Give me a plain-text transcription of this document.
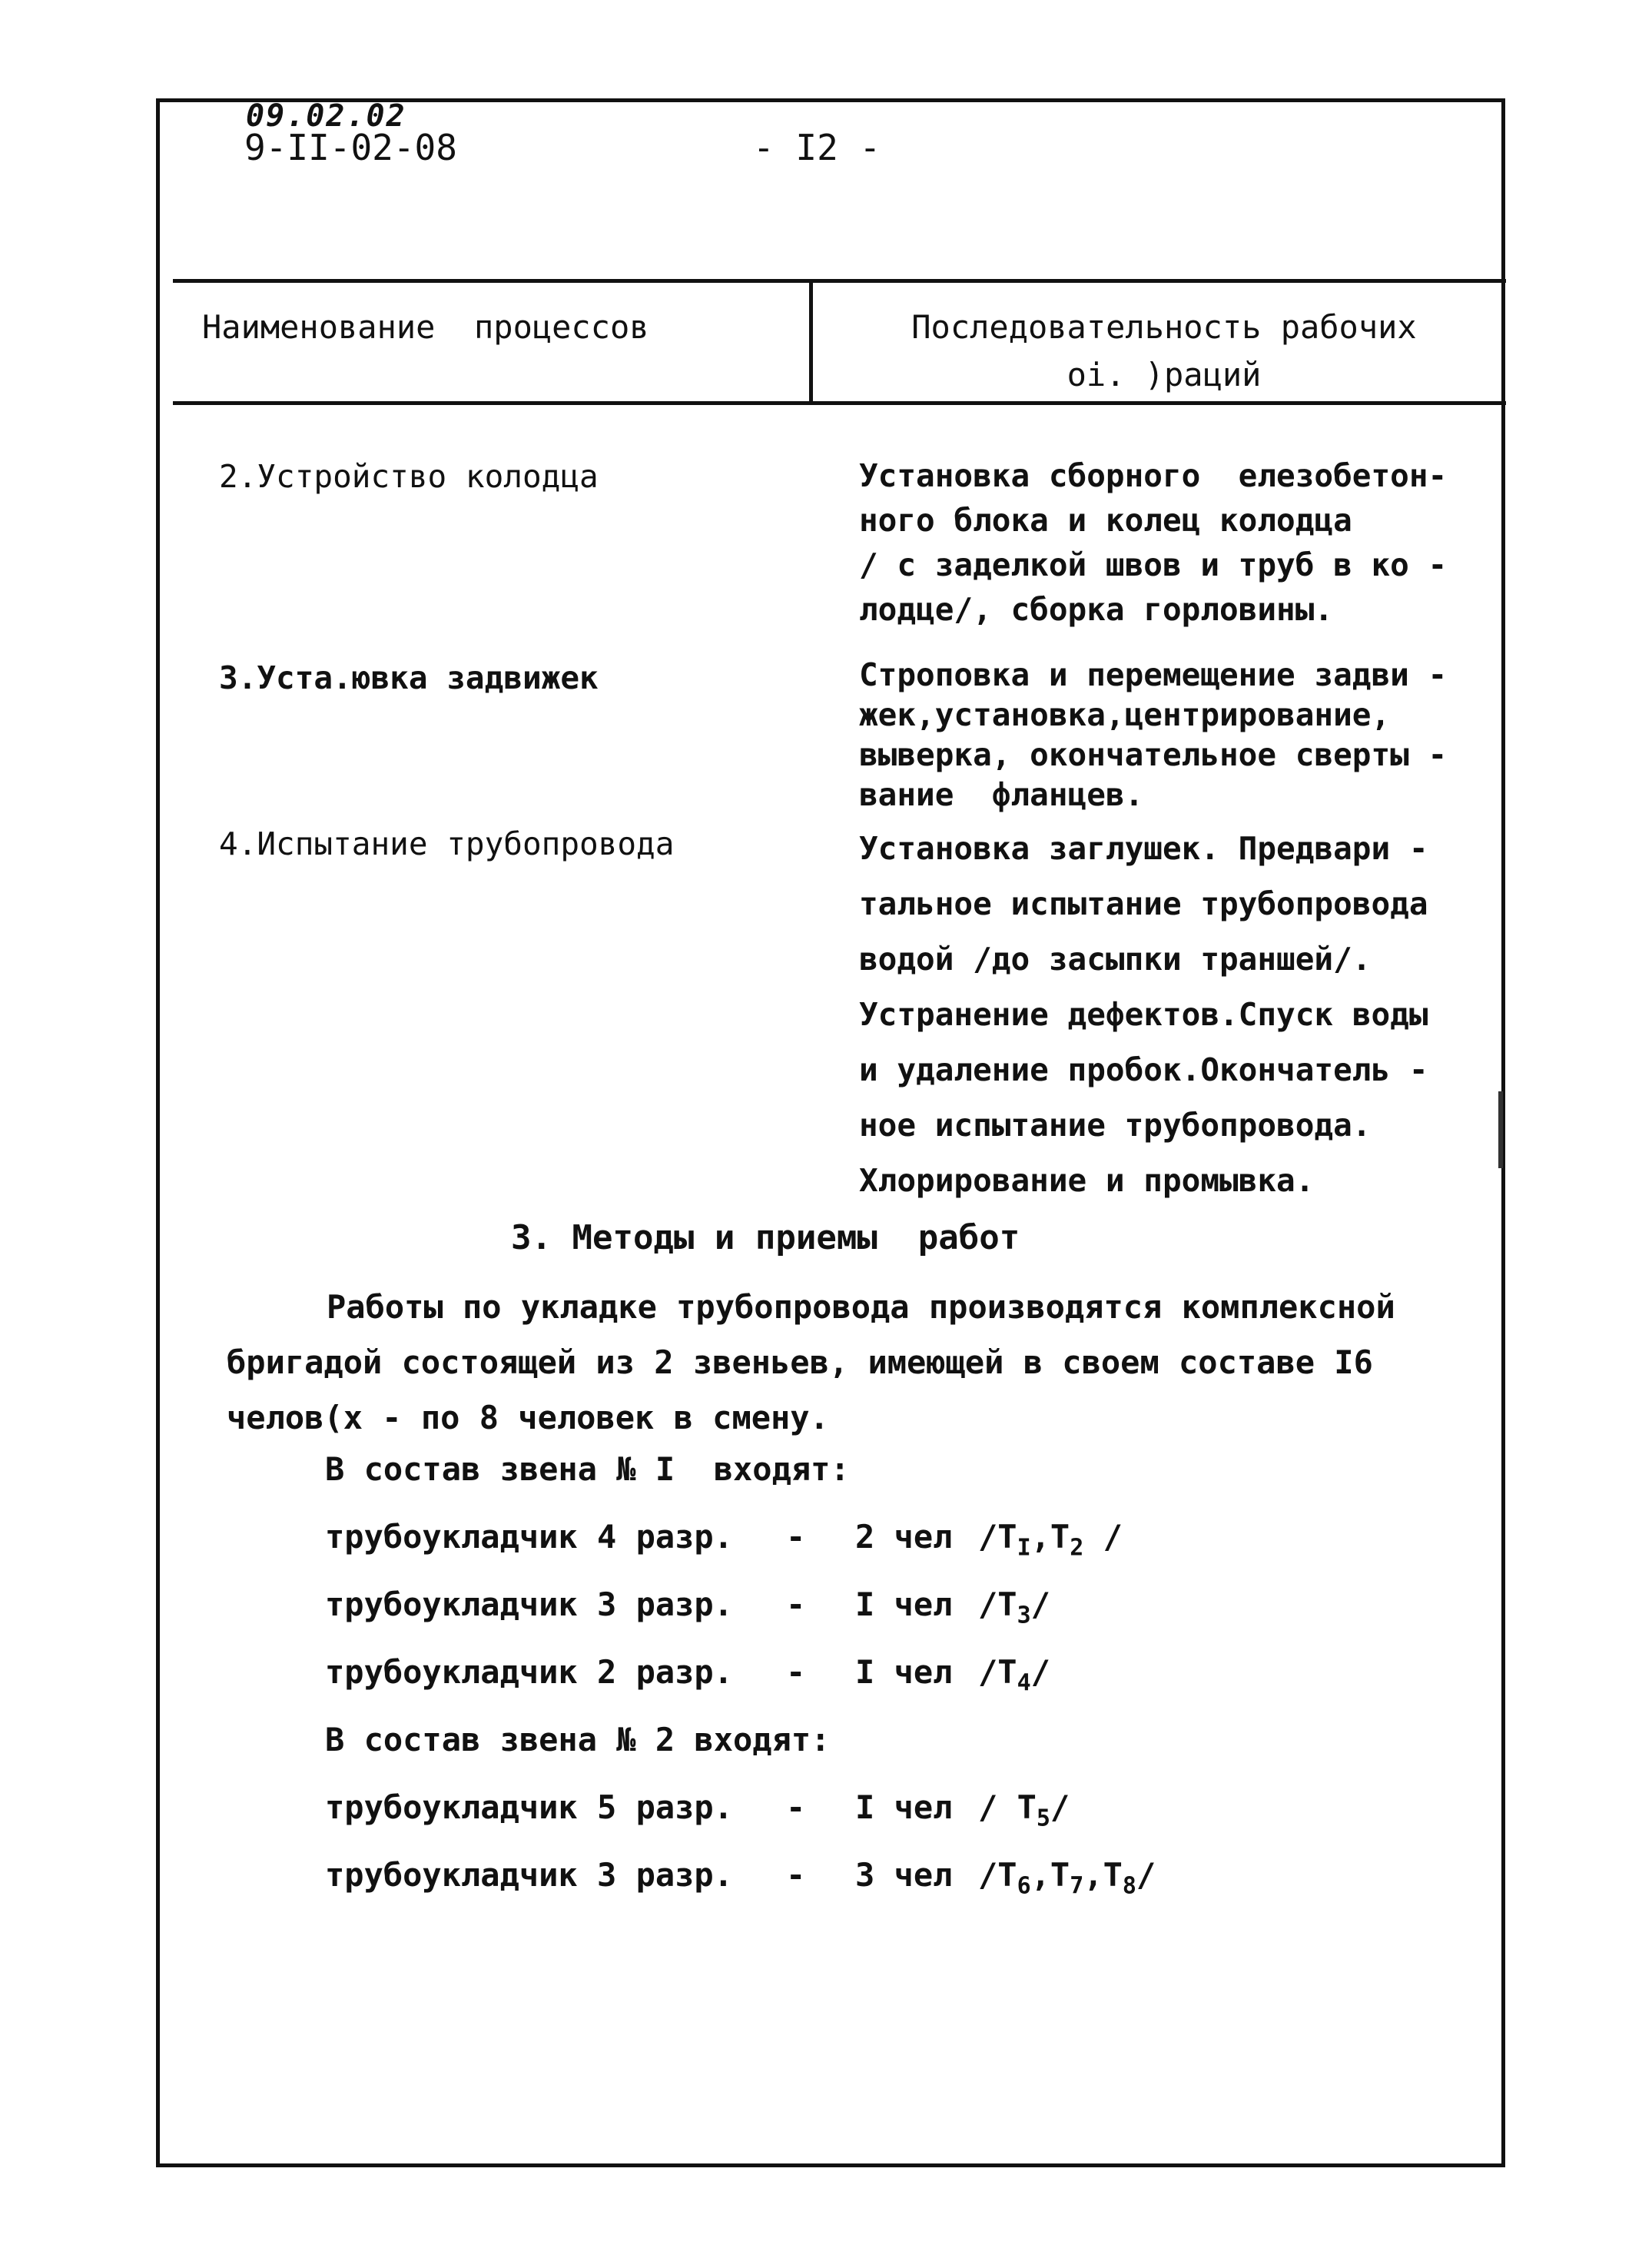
09.02.02
9-II-02-08	- I2 -
Наименование  процессов	Последовательность рабочих
оі. )раций
2.Устройство колодца	Установка сборного  елезобетон-
ного блока и колец колодца
/ с заделкой швов и труб в ко -
лодце/, сборка горловины.
3.Уста.ювка задвижек	Строповка и перемещение задви -
жек,установка,центрирование,
выверка, окончательное сверты -
вание  фланцев.
4.Испытание трубопровода	Установка заглушек. Предвари -
тальное испытание трубопровода
водой /до засыпки траншей/.
Устранение дефектов.Спуск воды
и удаление пробок.Окончатель -
ное испытание трубопровода.
Хлорирование и промывка.
3. Методы и приемы  работ
Работы по укладке трубопровода производятся комплексной бригадой состоящей из 2 звеньев, имеющей в своем составе I6 челов(х - по 8 человек в смену.
В состав звена № I  входят:
трубоукладчик 4 разр. - 2 чел $/T_I,T_2$ /
трубоукладчик 3 разр. - I чел $/T_3/$
трубоукладчик 2 разр. - I чел $/T_4/$
В состав звена № 2 входят:
трубоукладчик 5 разр. - I чел / $T_5/$
трубоукладчик 3 разр. - 3 чел $/T_6,T_7,T_8/$
